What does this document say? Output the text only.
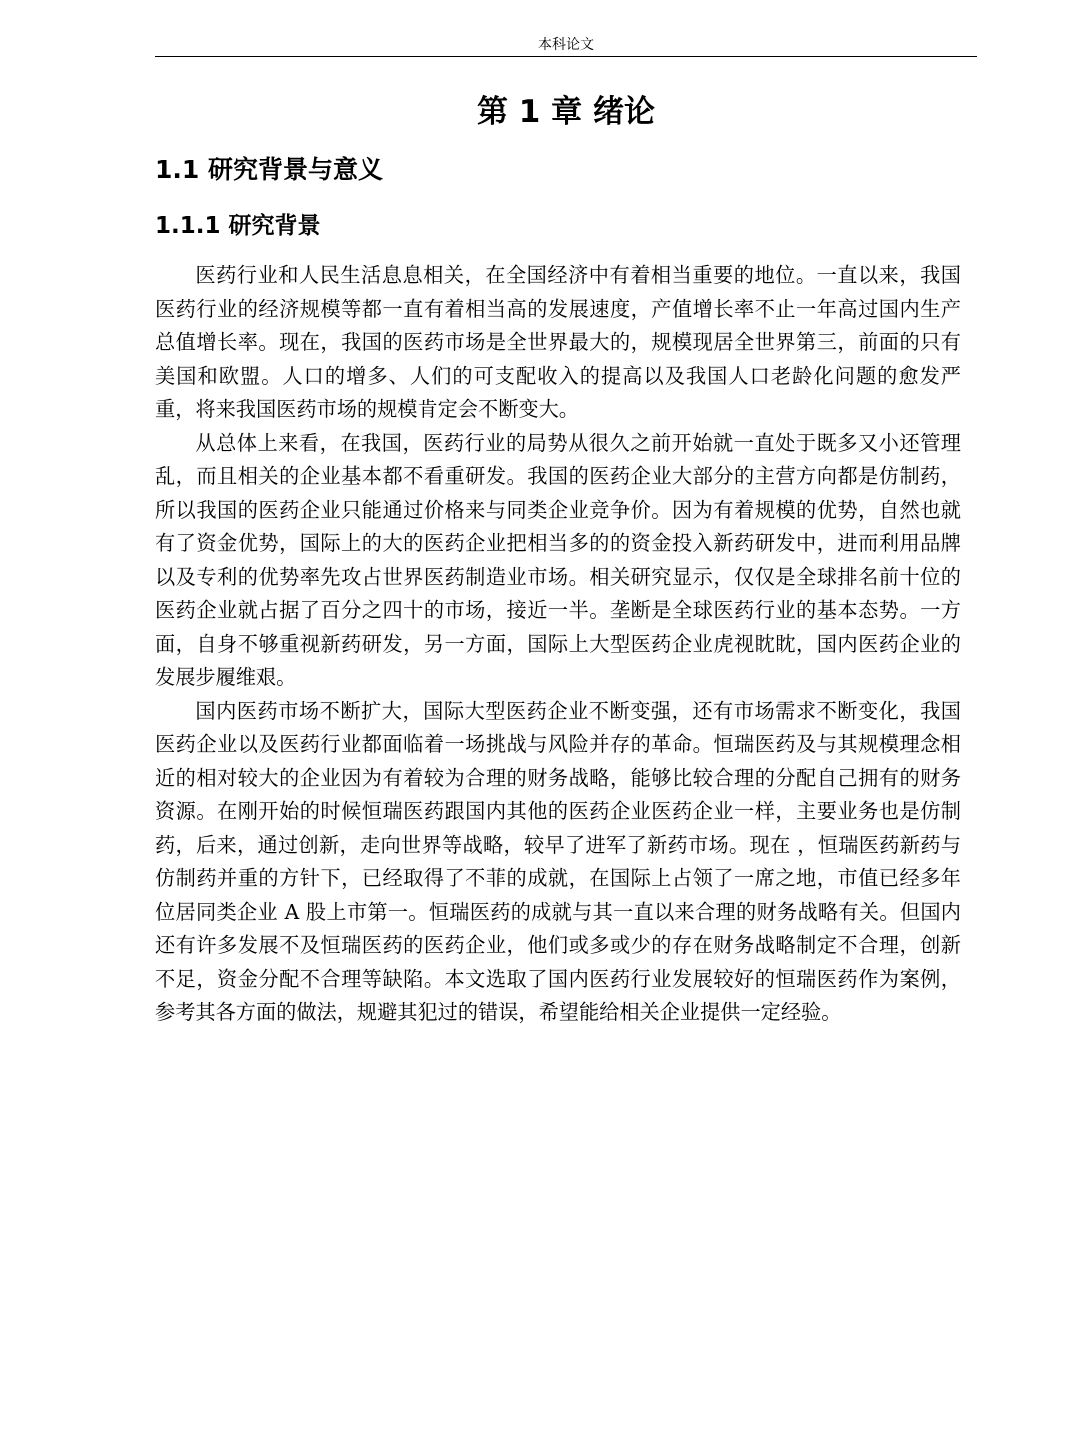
本科论文
第 1 章 绪论
1.1 研究背景与意义
1.1.1 研究背景

医药行业和人民生活息息相关，在全国经济中有着相当重要的地位。一直以来，我国医药行业的经济规模等都一直有着相当高的发展速度，产值增长率不止一年高过国内生产总值增长率。现在，我国的医药市场是全世界最大的，规模现居全世界第三，前面的只有美国和欧盟。人口的增多、人们的可支配收入的提高以及我国人口老龄化问题的愈发严重，将来我国医药市场的规模肯定会不断变大。

从总体上来看，在我国，医药行业的局势从很久之前开始就一直处于既多又小还管理乱，而且相关的企业基本都不看重研发。我国的医药企业大部分的主营方向都是仿制药，所以我国的医药企业只能通过价格来与同类企业竞争价。因为有着规模的优势，自然也就有了资金优势，国际上的大的医药企业把相当多的的资金投入新药研发中，进而利用品牌以及专利的优势率先攻占世界医药制造业市场。相关研究显示，仅仅是全球排名前十位的医药企业就占据了百分之四十的市场，接近一半。垄断是全球医药行业的基本态势。一方面，自身不够重视新药研发，另一方面，国际上大型医药企业虎视眈眈，国内医药企业的发展步履维艰。

国内医药市场不断扩大，国际大型医药企业不断变强，还有市场需求不断变化，我国医药企业以及医药行业都面临着一场挑战与风险并存的革命。恒瑞医药及与其规模理念相近的相对较大的企业因为有着较为合理的财务战略，能够比较合理的分配自己拥有的财务资源。在刚开始的时候恒瑞医药跟国内其他的医药企业医药企业一样，主要业务也是仿制药，后来，通过创新，走向世界等战略，较早了进军了新药市场。现在 ，恒瑞医药新药与仿制药并重的方针下，已经取得了不菲的成就，在国际上占领了一席之地，市值已经多年位居同类企业 A 股上市第一。恒瑞医药的成就与其一直以来合理的财务战略有关。但国内还有许多发展不及恒瑞医药的医药企业，他们或多或少的存在财务战略制定不合理，创新不足，资金分配不合理等缺陷。本文选取了国内医药行业发展较好的恒瑞医药作为案例，参考其各方面的做法，规避其犯过的错误，希望能给相关企业提供一定经验。
